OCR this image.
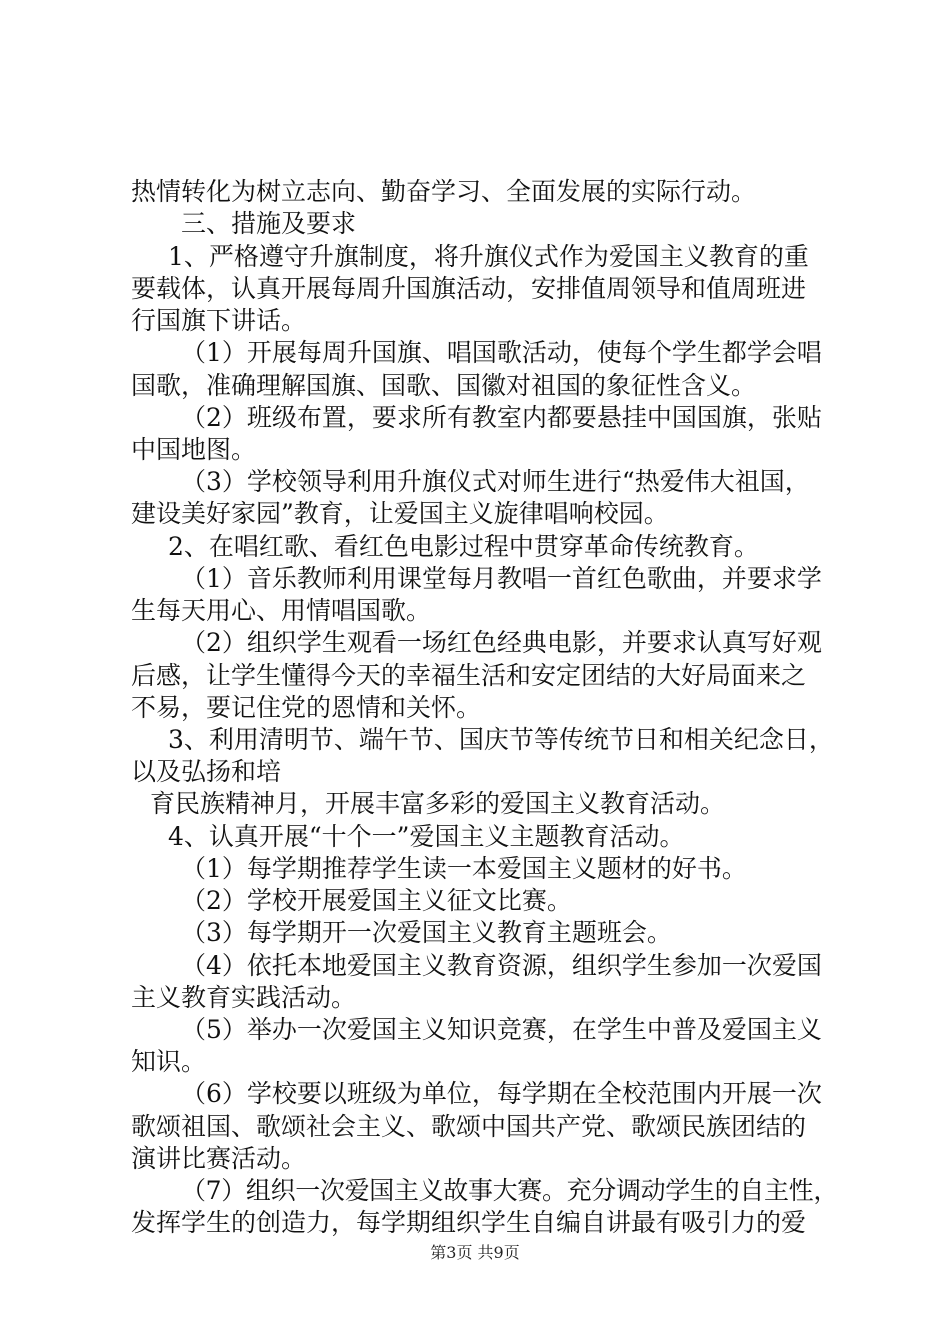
热情转化为树立志向、勤奋学习、全面发展的实际行动。
三、措施及要求
1、严格遵守升旗制度，将升旗仪式作为爱国主义教育的重
要载体，认真开展每周升国旗活动，安排值周领导和值周班进
行国旗下讲话。
（1）开展每周升国旗、唱国歌活动，使每个学生都学会唱
国歌，准确理解国旗、国歌、国徽对祖国的象征性含义。
（2）班级布置，要求所有教室内都要悬挂中国国旗，张贴
中国地图。
（3）学校领导利用升旗仪式对师生进行“热爱伟大祖国，
建设美好家园”教育，让爱国主义旋律唱响校园。
2、在唱红歌、看红色电影过程中贯穿革命传统教育。
（1）音乐教师利用课堂每月教唱一首红色歌曲，并要求学
生每天用心、用情唱国歌。
（2）组织学生观看一场红色经典电影，并要求认真写好观
后感，让学生懂得今天的幸福生活和安定团结的大好局面来之
不易，要记住党的恩情和关怀。
3、利用清明节、端午节、国庆节等传统节日和相关纪念日，
以及弘扬和培
育民族精神月，开展丰富多彩的爱国主义教育活动。
4、认真开展“十个一”爱国主义主题教育活动。
（1）每学期推荐学生读一本爱国主义题材的好书。
（2）学校开展爱国主义征文比赛。
（3）每学期开一次爱国主义教育主题班会。
（4）依托本地爱国主义教育资源，组织学生参加一次爱国
主义教育实践活动。
（5）举办一次爱国主义知识竞赛，在学生中普及爱国主义
知识。
（6）学校要以班级为单位，每学期在全校范围内开展一次
歌颂祖国、歌颂社会主义、歌颂中国共产党、歌颂民族团结的
演讲比赛活动。
（7）组织一次爱国主义故事大赛。充分调动学生的自主性，
发挥学生的创造力，每学期组织学生自编自讲最有吸引力的爱
第3页 共9页
